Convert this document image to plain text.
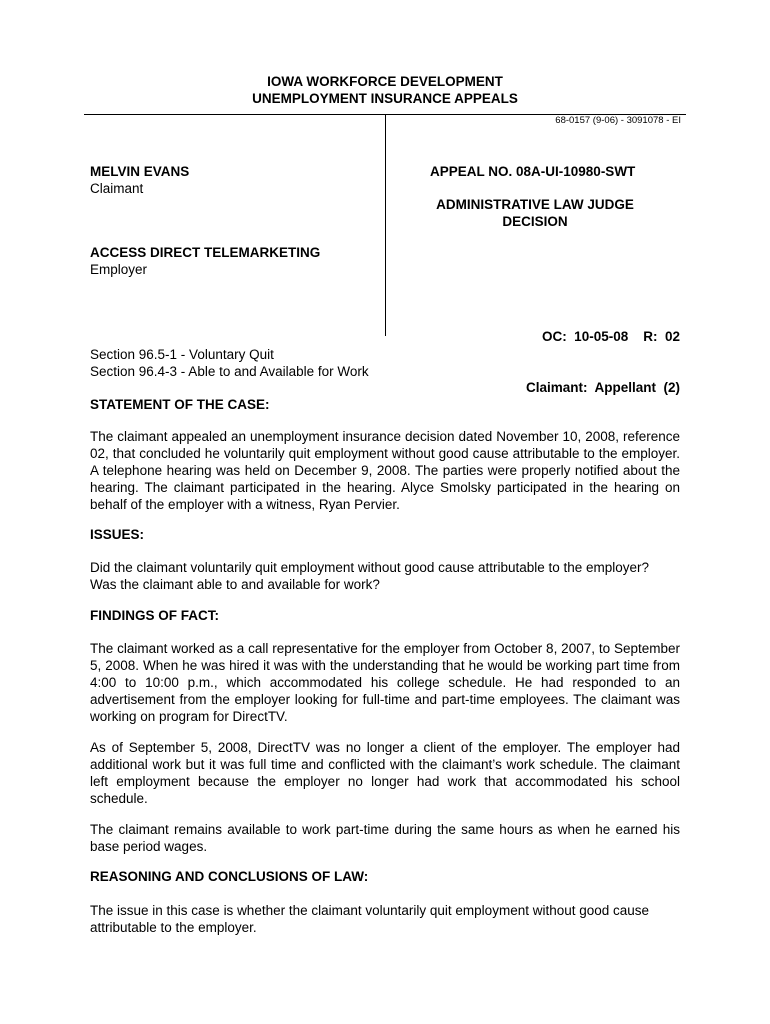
IOWA WORKFORCE DEVELOPMENT
UNEMPLOYMENT INSURANCE APPEALS
68-0157 (9-06) - 3091078 - EI
MELVIN EVANS
Claimant
ACCESS DIRECT TELEMARKETING
Employer
APPEAL NO. 08A-UI-10980-SWT
ADMINISTRATIVE LAW JUDGE
DECISION

OC:  10-05-08    R:  02

Claimant:  Appellant  (2)

Section 96.5-1 - Voluntary Quit
Section 96.4-3 - Able to and Available for Work
STATEMENT OF THE CASE:
The claimant appealed an unemployment insurance decision dated November 10, 2008, reference 02, that concluded he voluntarily quit employment without good cause attributable to the employer. A telephone hearing was held on December 9, 2008. The parties were properly notified about the hearing. The claimant participated in the hearing. Alyce Smolsky participated in the hearing on behalf of the employer with a witness, Ryan Pervier.
ISSUES:
Did the claimant voluntarily quit employment without good cause attributable to the employer?
Was the claimant able to and available for work?
FINDINGS OF FACT:
The claimant worked as a call representative for the employer from October 8, 2007, to September 5, 2008. When he was hired it was with the understanding that he would be working part time from 4:00 to 10:00 p.m., which accommodated his college schedule. He had responded to an advertisement from the employer looking for full-time and part-time employees. The claimant was working on program for DirectTV.
As of September 5, 2008, DirectTV was no longer a client of the employer. The employer had additional work but it was full time and conflicted with the claimant’s work schedule. The claimant left employment because the employer no longer had work that accommodated his school schedule.
The claimant remains available to work part-time during the same hours as when he earned his base period wages.
REASONING AND CONCLUSIONS OF LAW:
The issue in this case is whether the claimant voluntarily quit employment without good cause attributable to the employer.
